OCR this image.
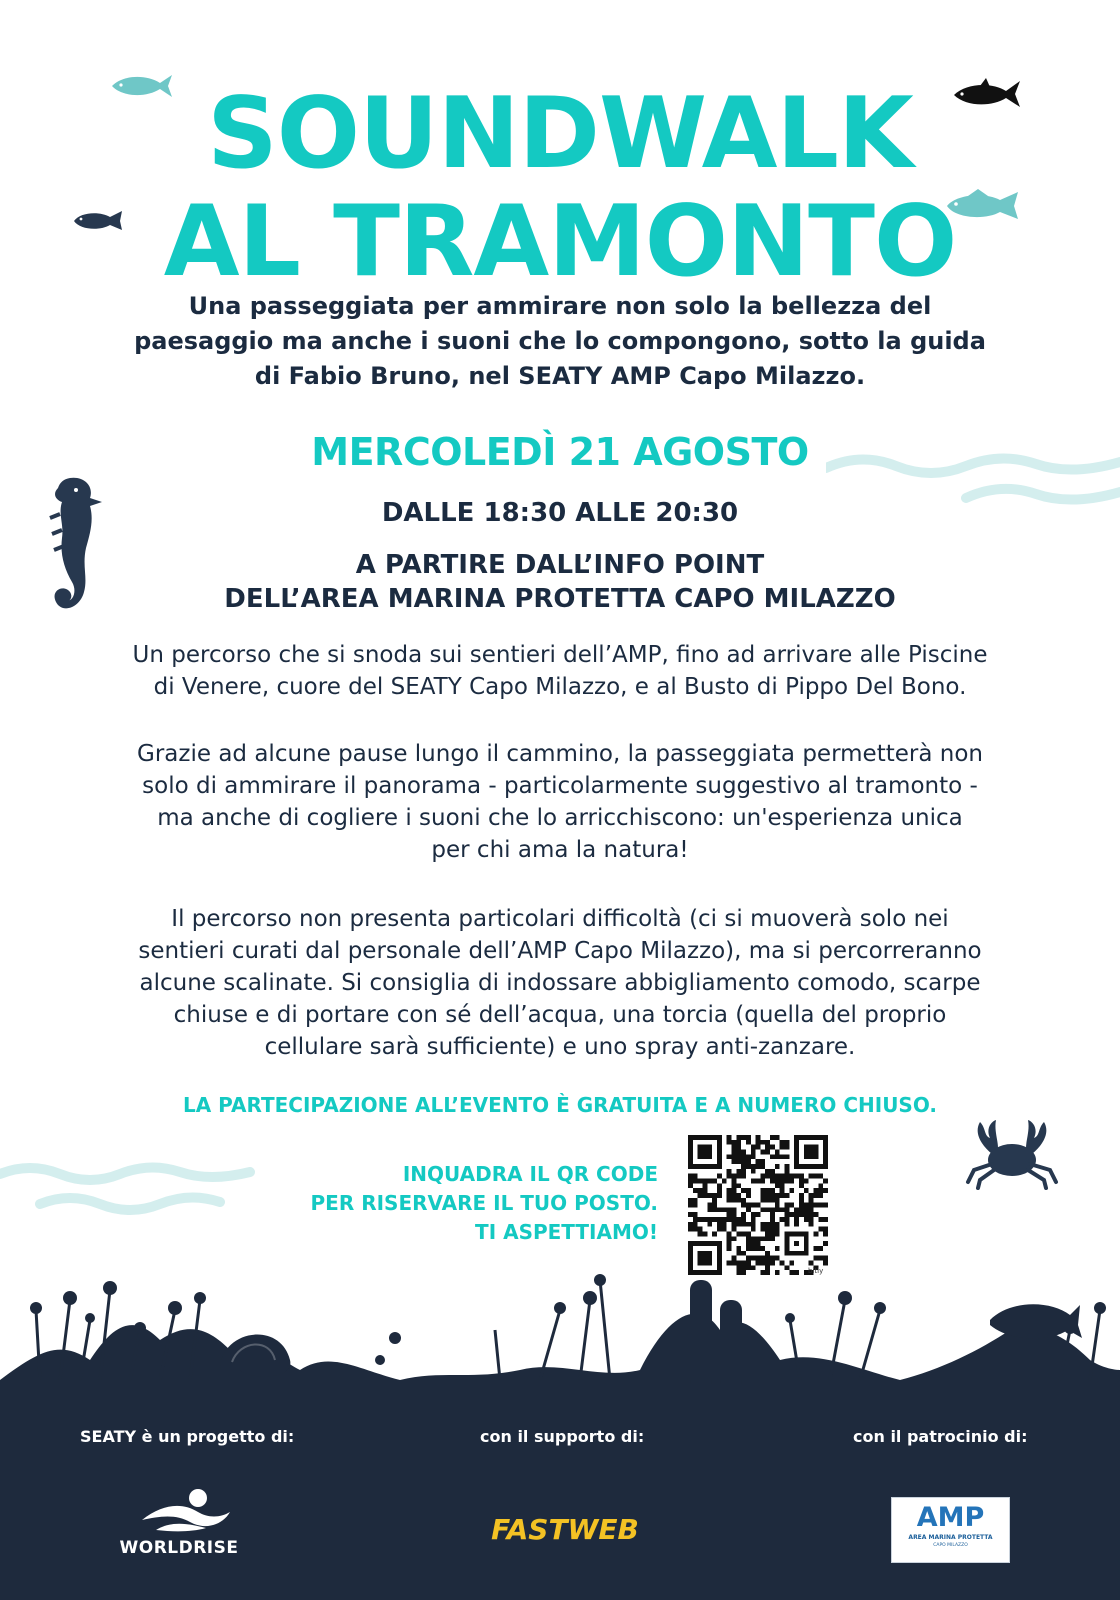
SOUNDWALK
AL TRAMONTO
Una passeggiata per ammirare non solo la bellezza del
paesaggio ma anche i suoni che lo compongono, sotto la guida
di Fabio Bruno, nel SEATY AMP Capo Milazzo.
MERCOLEDÌ 21 AGOSTO
DALLE 18:30 ALLE 20:30
A PARTIRE DALL’INFO POINT
DELL’AREA MARINA PROTETTA CAPO MILAZZO
Un percorso che si snoda sui sentieri dell’AMP, fino ad arrivare alle Piscine
di Venere, cuore del SEATY Capo Milazzo, e al Busto di Pippo Del Bono.
Grazie ad alcune pause lungo il cammino, la passeggiata permetterà non
solo di ammirare il panorama - particolarmente suggestivo al tramonto -
ma anche di cogliere i suoni che lo arricchiscono: un'esperienza unica
per chi ama la natura!
Il percorso non presenta particolari difficoltà (ci si muoverà solo nei
sentieri curati dal personale dell’AMP Capo Milazzo), ma si percorreranno
alcune scalinate. Si consiglia di indossare abbigliamento comodo, scarpe
chiuse e di portare con sé dell’acqua, una torcia (quella del proprio
cellulare sarà sufficiente) e uno spray anti-zanzare.
LA PARTECIPAZIONE ALL’EVENTO È GRATUITA E A NUMERO CHIUSO.
INQUADRA IL QR CODE
PER RISERVARE IL TUO POSTO.
TI ASPETTIAMO!
bitly
SEATY è un progetto di:	con il supporto di:	con il patrocinio di:
WORLDRISE
FASTWEB	AMP
AREA MARINA PROTETTA
CAPO MILAZZO
